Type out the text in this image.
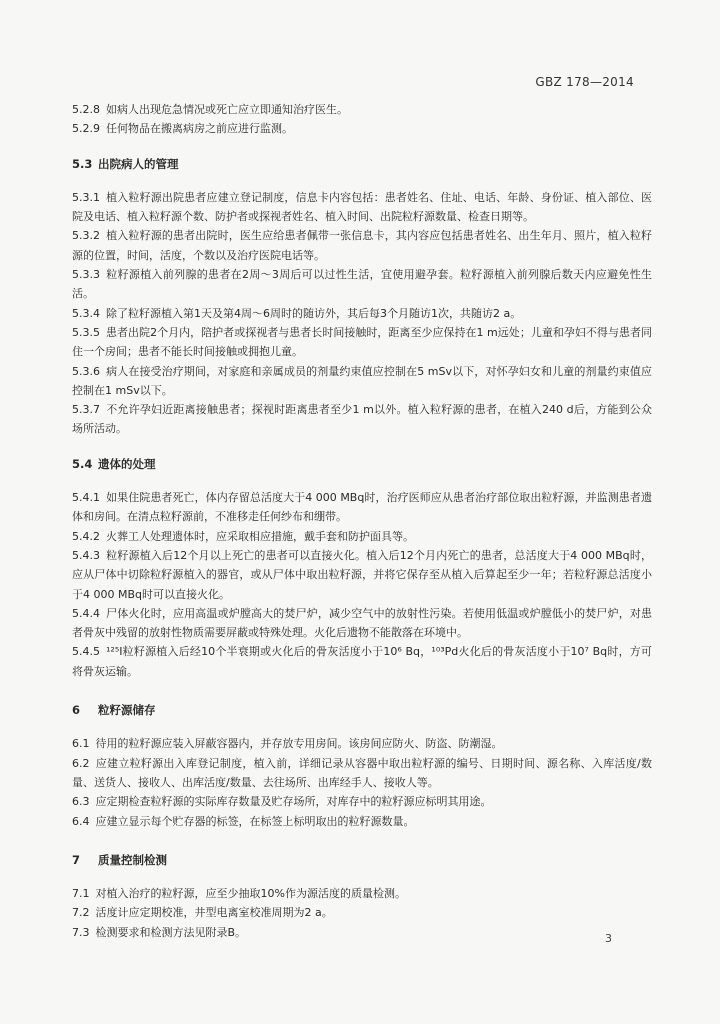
GBZ 178—2014

5.2.8 如病人出现危急情况或死亡应立即通知治疗医生。

5.2.9 任何物品在搬离病房之前应进行监测。

5.3 出院病人的管理

5.3.1 植入粒籽源出院患者应建立登记制度，信息卡内容包括：患者姓名、住址、电话、年龄、身份证、植入部位、医院及电话、植入粒籽源个数、防护者或探视者姓名、植入时间、出院粒籽源数量、检查日期等。

5.3.2 植入粒籽源的患者出院时，医生应给患者佩带一张信息卡，其内容应包括患者姓名、出生年月、照片，植入粒籽源的位置，时间，活度，个数以及治疗医院电话等。

5.3.3 粒籽源植入前列腺的患者在2周～3周后可以过性生活，宜使用避孕套。粒籽源植入前列腺后数天内应避免性生活。

5.3.4 除了粒籽源植入第1天及第4周～6周时的随访外，其后每3个月随访1次，共随访2 a。

5.3.5 患者出院2个月内，陪护者或探视者与患者长时间接触时，距离至少应保持在1 m远处；儿童和孕妇不得与患者同住一个房间；患者不能长时间接触或拥抱儿童。

5.3.6 病人在接受治疗期间，对家庭和亲属成员的剂量约束值应控制在5 mSv以下，对怀孕妇女和儿童的剂量约束值应控制在1 mSv以下。

5.3.7 不允许孕妇近距离接触患者；探视时距离患者至少1 m以外。植入粒籽源的患者，在植入240 d后，方能到公众场所活动。

5.4 遗体的处理

5.4.1 如果住院患者死亡，体内存留总活度大于4 000 MBq时，治疗医师应从患者治疗部位取出粒籽源，并监测患者遗体和房间。在清点粒籽源前，不准移走任何纱布和绷带。

5.4.2 火葬工人处理遗体时，应采取相应措施，戴手套和防护面具等。

5.4.3 粒籽源植入后12个月以上死亡的患者可以直接火化。植入后12个月内死亡的患者，总活度大于4 000 MBq时，应从尸体中切除粒籽源植入的器官，或从尸体中取出粒籽源，并将它保存至从植入后算起至少一年；若粒籽源总活度小于4 000 MBq时可以直接火化。

5.4.4 尸体火化时，应用高温或炉膛高大的焚尸炉，减少空气中的放射性污染。若使用低温或炉膛低小的焚尸炉，对患者骨灰中残留的放射性物质需要屏蔽或特殊处理。火化后遗物不能散落在环境中。

5.4.5 ¹²⁵I粒籽源植入后经10个半衰期或火化后的骨灰活度小于10⁶ Bq，¹⁰³Pd火化后的骨灰活度小于10⁷ Bq时，方可将骨灰运输。

6 粒籽源储存

6.1 待用的粒籽源应装入屏蔽容器内，并存放专用房间。该房间应防火、防盗、防潮湿。

6.2 应建立粒籽源出入库登记制度，植入前，详细记录从容器中取出粒籽源的编号、日期时间、源名称、入库活度/数量、送货人、接收人、出库活度/数量、去往场所、出库经手人、接收人等。

6.3 应定期检查粒籽源的实际库存数量及贮存场所，对库存中的粒籽源应标明其用途。

6.4 应建立显示每个贮存器的标签，在标签上标明取出的粒籽源数量。

7 质量控制检测

7.1 对植入治疗的粒籽源，应至少抽取10%作为源活度的质量检测。

7.2 活度计应定期校准，井型电离室校准周期为2 a。

7.3 检测要求和检测方法见附录B。	3
